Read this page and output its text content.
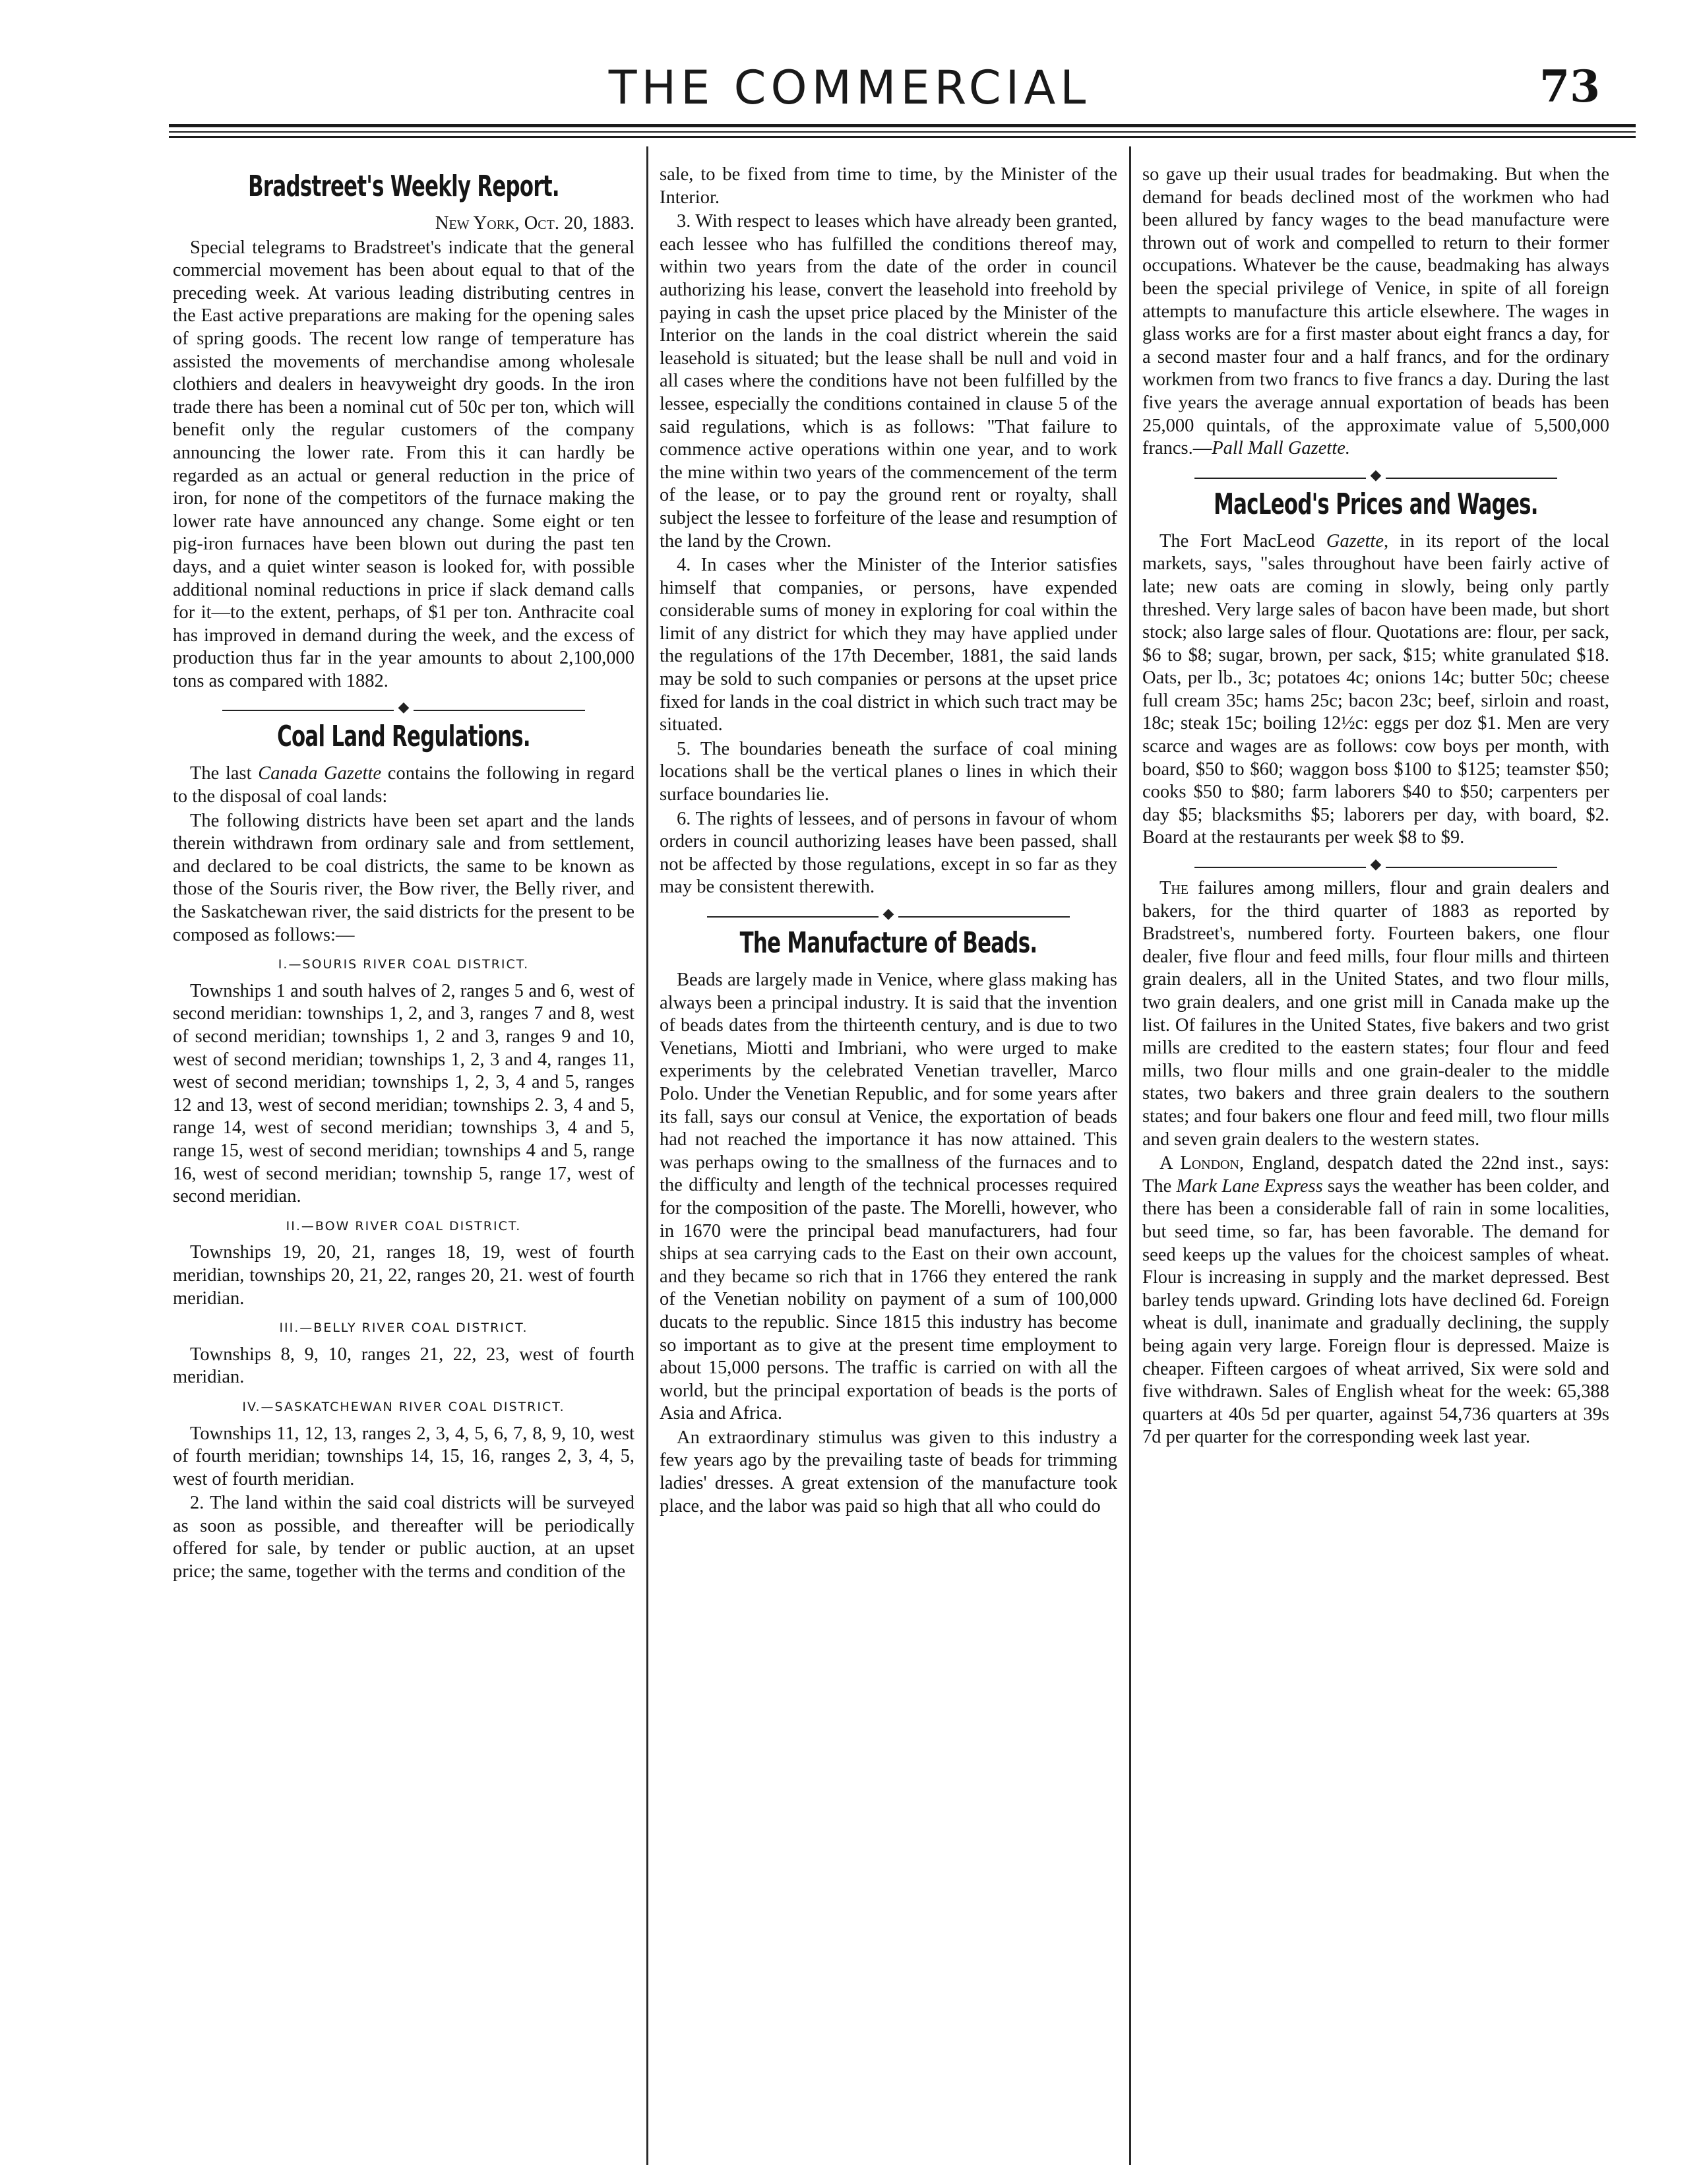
THE COMMERCIAL	73
Bradstreet's Weekly Report.

New York, Oct. 20, 1883.

Special telegrams to Bradstreet's indicate that the general commercial movement has been about equal to that of the preceding week. At various leading distributing centres in the East active preparations are making for the opening sales of spring goods. The recent low range of temperature has assisted the movements of merchandise among wholesale clothiers and dealers in heavyweight dry goods. In the iron trade there has been a nominal cut of 50c per ton, which will benefit only the regular customers of the company announcing the lower rate. From this it can hardly be regarded as an actual or general reduction in the price of iron, for none of the competitors of the furnace making the lower rate have announced any change. Some eight or ten pig-iron furnaces have been blown out during the past ten days, and a quiet winter season is looked for, with possible additional nominal reductions in price if slack demand calls for it—to the extent, perhaps, of $1 per ton. Anthracite coal has improved in demand during the week, and the excess of production thus far in the year amounts to about 2,100,000 tons as compared with 1882.

◆
Coal Land Regulations.

The last Canada Gazette contains the following in regard to the disposal of coal lands:

The following districts have been set apart and the lands therein withdrawn from ordinary sale and from settlement, and declared to be coal districts, the same to be known as those of the Souris river, the Bow river, the Belly river, and the Saskatchewan river, the said districts for the present to be composed as follows:—

I.—SOURIS RIVER COAL DISTRICT.

Townships 1 and south halves of 2, ranges 5 and 6, west of second meridian: townships 1, 2, and 3, ranges 7 and 8, west of second meridian; townships 1, 2 and 3, ranges 9 and 10, west of second meridian; townships 1, 2, 3 and 4, ranges 11, west of second meridian; townships 1, 2, 3, 4 and 5, ranges 12 and 13, west of second meridian; townships 2. 3, 4 and 5, range 14, west of second meridian; townships 3, 4 and 5, range 15, west of second meridian; townships 4 and 5, range 16, west of second meridian; township 5, range 17, west of second meridian.

II.—BOW RIVER COAL DISTRICT.

Townships 19, 20, 21, ranges 18, 19, west of fourth meridian, townships 20, 21, 22, ranges 20, 21. west of fourth meridian.

III.—BELLY RIVER COAL DISTRICT.

Townships 8, 9, 10, ranges 21, 22, 23, west of fourth meridian.

IV.—SASKATCHEWAN RIVER COAL DISTRICT.

Townships 11, 12, 13, ranges 2, 3, 4, 5, 6, 7, 8, 9, 10, west of fourth meridian; townships 14, 15, 16, ranges 2, 3, 4, 5, west of fourth meridian.

2. The land within the said coal districts will be surveyed as soon as possible, and thereafter will be periodically offered for sale, by tender or public auction, at an upset price; the same, together with the terms and condition of the

sale, to be fixed from time to time, by the Minister of the Interior.

3. With respect to leases which have already been granted, each lessee who has fulfilled the conditions thereof may, within two years from the date of the order in council authorizing his lease, convert the leasehold into freehold by paying in cash the upset price placed by the Minister of the Interior on the lands in the coal district wherein the said leasehold is situated; but the lease shall be null and void in all cases where the conditions have not been fulfilled by the lessee, especially the conditions contained in clause 5 of the said regulations, which is as follows: "That failure to commence active operations within one year, and to work the mine within two years of the commencement of the term of the lease, or to pay the ground rent or royalty, shall subject the lessee to forfeiture of the lease and resumption of the land by the Crown.

4. In cases wher the Minister of the Interior satisfies himself that companies, or persons, have expended considerable sums of money in exploring for coal within the limit of any district for which they may have applied under the regulations of the 17th December, 1881, the said lands may be sold to such companies or persons at the upset price fixed for lands in the coal district in which such tract may be situated.

5. The boundaries beneath the surface of coal mining locations shall be the vertical planes o lines in which their surface boundaries lie.

6. The rights of lessees, and of persons in favour of whom orders in council authorizing leases have been passed, shall not be affected by those regulations, except in so far as they may be consistent therewith.

◆
The Manufacture of Beads.

Beads are largely made in Venice, where glass making has always been a principal industry. It is said that the invention of beads dates from the thirteenth century, and is due to two Venetians, Miotti and Imbriani, who were urged to make experiments by the celebrated Venetian traveller, Marco Polo. Under the Venetian Republic, and for some years after its fall, says our consul at Venice, the exportation of beads had not reached the importance it has now attained. This was perhaps owing to the smallness of the furnaces and to the difficulty and length of the technical processes required for the composition of the paste. The Morelli, however, who in 1670 were the principal bead manufacturers, had four ships at sea carrying cads to the East on their own account, and they became so rich that in 1766 they entered the rank of the Venetian nobility on payment of a sum of 100,000 ducats to the republic. Since 1815 this industry has become so important as to give at the present time employment to about 15,000 persons. The traffic is carried on with all the world, but the principal exportation of beads is the ports of Asia and Africa.

An extraordinary stimulus was given to this industry a few years ago by the prevailing taste of beads for trimming ladies' dresses. A great extension of the manufacture took place, and the labor was paid so high that all who could do

so gave up their usual trades for beadmaking. But when the demand for beads declined most of the workmen who had been allured by fancy wages to the bead manufacture were thrown out of work and compelled to return to their former occupations. Whatever be the cause, beadmaking has always been the special privilege of Venice, in spite of all foreign attempts to manufacture this article elsewhere. The wages in glass works are for a first master about eight francs a day, for a second master four and a half francs, and for the ordinary workmen from two francs to five francs a day. During the last five years the average annual exportation of beads has been 25,000 quintals, of the approximate value of 5,500,000 francs.—Pall Mall Gazette.

◆
MacLeod's Prices and Wages.

The Fort MacLeod Gazette, in its report of the local markets, says, "sales throughout have been fairly active of late; new oats are coming in slowly, being only partly threshed. Very large sales of bacon have been made, but short stock; also large sales of flour. Quotations are: flour, per sack, $6 to $8; sugar, brown, per sack, $15; white granulated $18. Oats, per lb., 3c; potatoes 4c; onions 14c; butter 50c; cheese full cream 35c; hams 25c; bacon 23c; beef, sirloin and roast, 18c; steak 15c; boiling 12½c: eggs per doz $1. Men are very scarce and wages are as follows: cow boys per month, with board, $50 to $60; waggon boss $100 to $125; teamster $50; cooks $50 to $80; farm laborers $40 to $50; carpenters per day $5; blacksmiths $5; laborers per day, with board, $2. Board at the restaurants per week $8 to $9.

◆

The failures among millers, flour and grain dealers and bakers, for the third quarter of 1883 as reported by Bradstreet's, numbered forty. Fourteen bakers, one flour dealer, five flour and feed mills, four flour mills and thirteen grain dealers, all in the United States, and two flour mills, two grain dealers, and one grist mill in Canada make up the list. Of failures in the United States, five bakers and two grist mills are credited to the eastern states; four flour and feed mills, two flour mills and one grain-dealer to the middle states, two bakers and three grain dealers to the southern states; and four bakers one flour and feed mill, two flour mills and seven grain dealers to the western states.

A London, England, despatch dated the 22nd inst., says: The Mark Lane Express says the weather has been colder, and there has been a considerable fall of rain in some localities, but seed time, so far, has been favorable. The demand for seed keeps up the values for the choicest samples of wheat. Flour is increasing in supply and the market depressed. Best barley tends upward. Grinding lots have declined 6d. Foreign wheat is dull, inanimate and gradually declining, the supply being again very large. Foreign flour is depressed. Maize is cheaper. Fifteen cargoes of wheat arrived, Six were sold and five withdrawn. Sales of English wheat for the week: 65,388 quarters at 40s 5d per quarter, against 54,736 quarters at 39s 7d per quarter for the corresponding week last year.
